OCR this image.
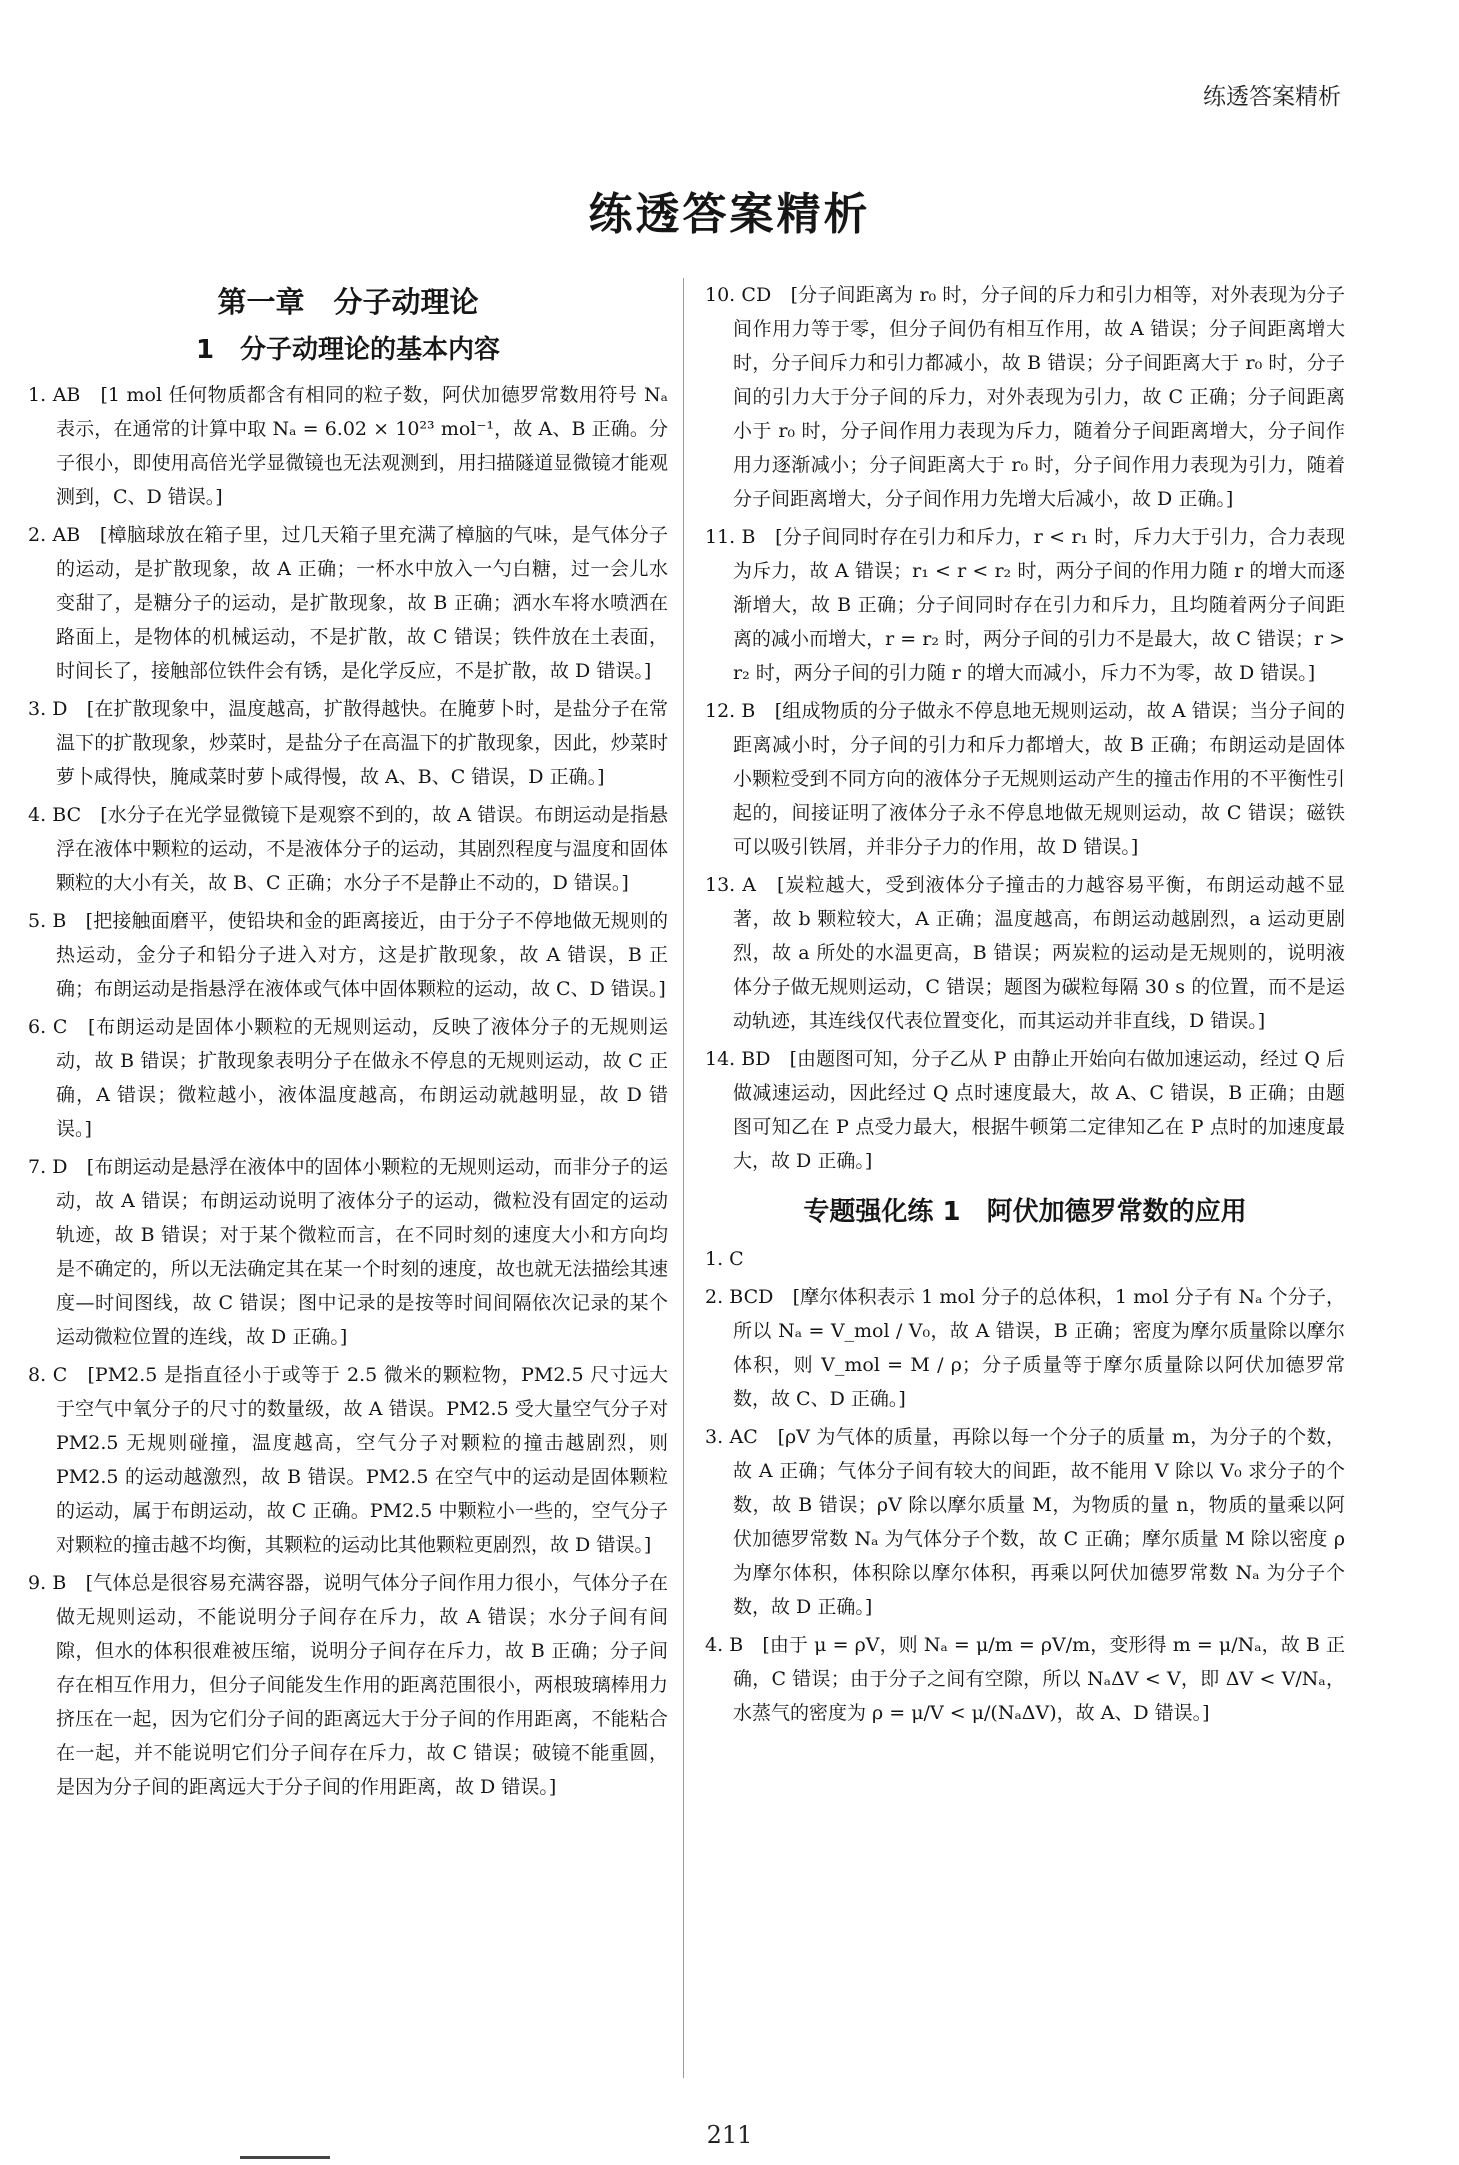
练透答案精析
练透答案精析
第一章　分子动理论
1　分子动理论的基本内容

1. AB　[1 mol 任何物质都含有相同的粒子数，阿伏加德罗常数用符号 Nₐ 表示，在通常的计算中取 Nₐ = 6.02 × 10²³ mol⁻¹，故 A、B 正确。分子很小，即使用高倍光学显微镜也无法观测到，用扫描隧道显微镜才能观测到，C、D 错误。]

2. AB　[樟脑球放在箱子里，过几天箱子里充满了樟脑的气味，是气体分子的运动，是扩散现象，故 A 正确；一杯水中放入一勺白糖，过一会儿水变甜了，是糖分子的运动，是扩散现象，故 B 正确；洒水车将水喷洒在路面上，是物体的机械运动，不是扩散，故 C 错误；铁件放在土表面，时间长了，接触部位铁件会有锈，是化学反应，不是扩散，故 D 错误。]

3. D　[在扩散现象中，温度越高，扩散得越快。在腌萝卜时，是盐分子在常温下的扩散现象，炒菜时，是盐分子在高温下的扩散现象，因此，炒菜时萝卜咸得快，腌咸菜时萝卜咸得慢，故 A、B、C 错误，D 正确。]

4. BC　[水分子在光学显微镜下是观察不到的，故 A 错误。布朗运动是指悬浮在液体中颗粒的运动，不是液体分子的运动，其剧烈程度与温度和固体颗粒的大小有关，故 B、C 正确；水分子不是静止不动的，D 错误。]

5. B　[把接触面磨平，使铅块和金的距离接近，由于分子不停地做无规则的热运动，金分子和铅分子进入对方，这是扩散现象，故 A 错误，B 正确；布朗运动是指悬浮在液体或气体中固体颗粒的运动，故 C、D 错误。]

6. C　[布朗运动是固体小颗粒的无规则运动，反映了液体分子的无规则运动，故 B 错误；扩散现象表明分子在做永不停息的无规则运动，故 C 正确，A 错误；微粒越小，液体温度越高，布朗运动就越明显，故 D 错误。]

7. D　[布朗运动是悬浮在液体中的固体小颗粒的无规则运动，而非分子的运动，故 A 错误；布朗运动说明了液体分子的运动，微粒没有固定的运动轨迹，故 B 错误；对于某个微粒而言，在不同时刻的速度大小和方向均是不确定的，所以无法确定其在某一个时刻的速度，故也就无法描绘其速度—时间图线，故 C 错误；图中记录的是按等时间间隔依次记录的某个运动微粒位置的连线，故 D 正确。]

8. C　[PM2.5 是指直径小于或等于 2.5 微米的颗粒物，PM2.5 尺寸远大于空气中氧分子的尺寸的数量级，故 A 错误。PM2.5 受大量空气分子对 PM2.5 无规则碰撞，温度越高，空气分子对颗粒的撞击越剧烈，则 PM2.5 的运动越激烈，故 B 错误。PM2.5 在空气中的运动是固体颗粒的运动，属于布朗运动，故 C 正确。PM2.5 中颗粒小一些的，空气分子对颗粒的撞击越不均衡，其颗粒的运动比其他颗粒更剧烈，故 D 错误。]

9. B　[气体总是很容易充满容器，说明气体分子间作用力很小，气体分子在做无规则运动，不能说明分子间存在斥力，故 A 错误；水分子间有间隙，但水的体积很难被压缩，说明分子间存在斥力，故 B 正确；分子间存在相互作用力，但分子间能发生作用的距离范围很小，两根玻璃棒用力挤压在一起，因为它们分子间的距离远大于分子间的作用距离，不能粘合在一起，并不能说明它们分子间存在斥力，故 C 错误；破镜不能重圆，是因为分子间的距离远大于分子间的作用距离，故 D 错误。]

10. CD　[分子间距离为 r₀ 时，分子间的斥力和引力相等，对外表现为分子间作用力等于零，但分子间仍有相互作用，故 A 错误；分子间距离增大时，分子间斥力和引力都减小，故 B 错误；分子间距离大于 r₀ 时，分子间的引力大于分子间的斥力，对外表现为引力，故 C 正确；分子间距离小于 r₀ 时，分子间作用力表现为斥力，随着分子间距离增大，分子间作用力逐渐减小；分子间距离大于 r₀ 时，分子间作用力表现为引力，随着分子间距离增大，分子间作用力先增大后减小，故 D 正确。]

11. B　[分子间同时存在引力和斥力，r < r₁ 时，斥力大于引力，合力表现为斥力，故 A 错误；r₁ < r < r₂ 时，两分子间的作用力随 r 的增大而逐渐增大，故 B 正确；分子间同时存在引力和斥力，且均随着两分子间距离的减小而增大，r = r₂ 时，两分子间的引力不是最大，故 C 错误；r > r₂ 时，两分子间的引力随 r 的增大而减小，斥力不为零，故 D 错误。]

12. B　[组成物质的分子做永不停息地无规则运动，故 A 错误；当分子间的距离减小时，分子间的引力和斥力都增大，故 B 正确；布朗运动是固体小颗粒受到不同方向的液体分子无规则运动产生的撞击作用的不平衡性引起的，间接证明了液体分子永不停息地做无规则运动，故 C 错误；磁铁可以吸引铁屑，并非分子力的作用，故 D 错误。]

13. A　[炭粒越大，受到液体分子撞击的力越容易平衡，布朗运动越不显著，故 b 颗粒较大，A 正确；温度越高，布朗运动越剧烈，a 运动更剧烈，故 a 所处的水温更高，B 错误；两炭粒的运动是无规则的，说明液体分子做无规则运动，C 错误；题图为碳粒每隔 30 s 的位置，而不是运动轨迹，其连线仅代表位置变化，而其运动并非直线，D 错误。]

14. BD　[由题图可知，分子乙从 P 由静止开始向右做加速运动，经过 Q 后做减速运动，因此经过 Q 点时速度最大，故 A、C 错误，B 正确；由题图可知乙在 P 点受力最大，根据牛顿第二定律知乙在 P 点时的加速度最大，故 D 正确。]

专题强化练 1　阿伏加德罗常数的应用

1. C

2. BCD　[摩尔体积表示 1 mol 分子的总体积，1 mol 分子有 Nₐ 个分子，所以 Nₐ = V_mol / V₀，故 A 错误，B 正确；密度为摩尔质量除以摩尔体积，则 V_mol = M / ρ；分子质量等于摩尔质量除以阿伏加德罗常数，故 C、D 正确。]

3. AC　[ρV 为气体的质量，再除以每一个分子的质量 m，为分子的个数，故 A 正确；气体分子间有较大的间距，故不能用 V 除以 V₀ 求分子的个数，故 B 错误；ρV 除以摩尔质量 M，为物质的量 n，物质的量乘以阿伏加德罗常数 Nₐ 为气体分子个数，故 C 正确；摩尔质量 M 除以密度 ρ 为摩尔体积，体积除以摩尔体积，再乘以阿伏加德罗常数 Nₐ 为分子个数，故 D 正确。]

4. B　[由于 μ = ρV，则 Nₐ = μ/m = ρV/m，变形得 m = μ/Nₐ，故 B 正确，C 错误；由于分子之间有空隙，所以 NₐΔV < V，即 ΔV < V/Nₐ，水蒸气的密度为 ρ = μ/V < μ/(NₐΔV)，故 A、D 错误。]

211
